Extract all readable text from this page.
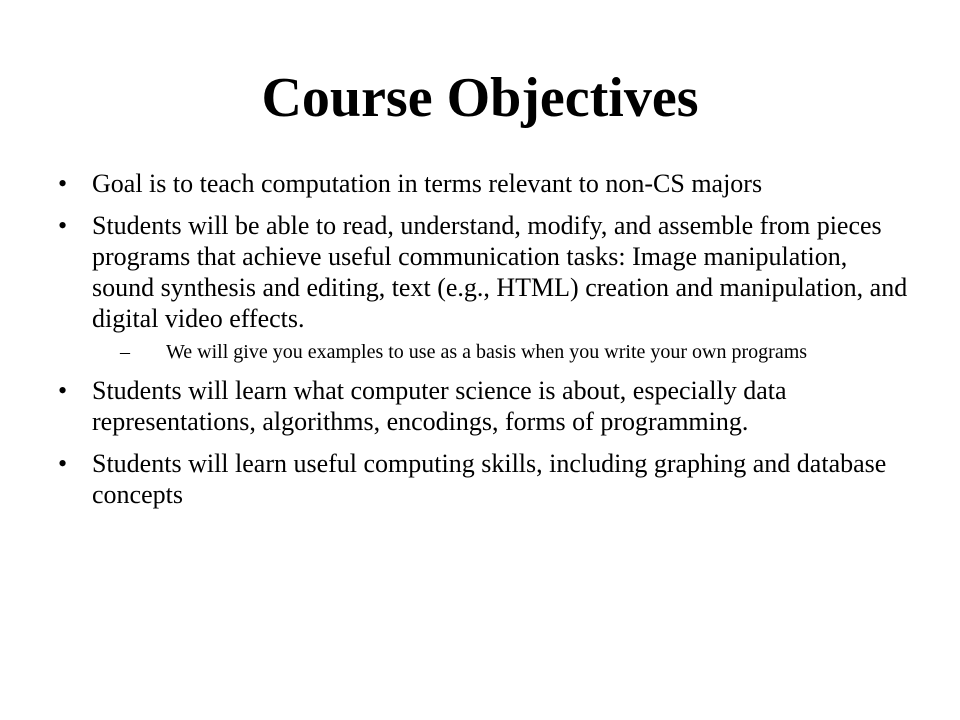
Course Objectives
• Goal is to teach computation in terms relevant to non-CS majors
• Students will be able to read, understand, modify, and assemble from pieces programs that achieve useful communication tasks: Image manipulation, sound synthesis and editing, text (e.g., HTML) creation and manipulation, and digital video effects.
– We will give you examples to use as a basis when you write your own programs
• Students will learn what computer science is about, especially data representations, algorithms, encodings, forms of programming.
• Students will learn useful computing skills, including graphing and database concepts
